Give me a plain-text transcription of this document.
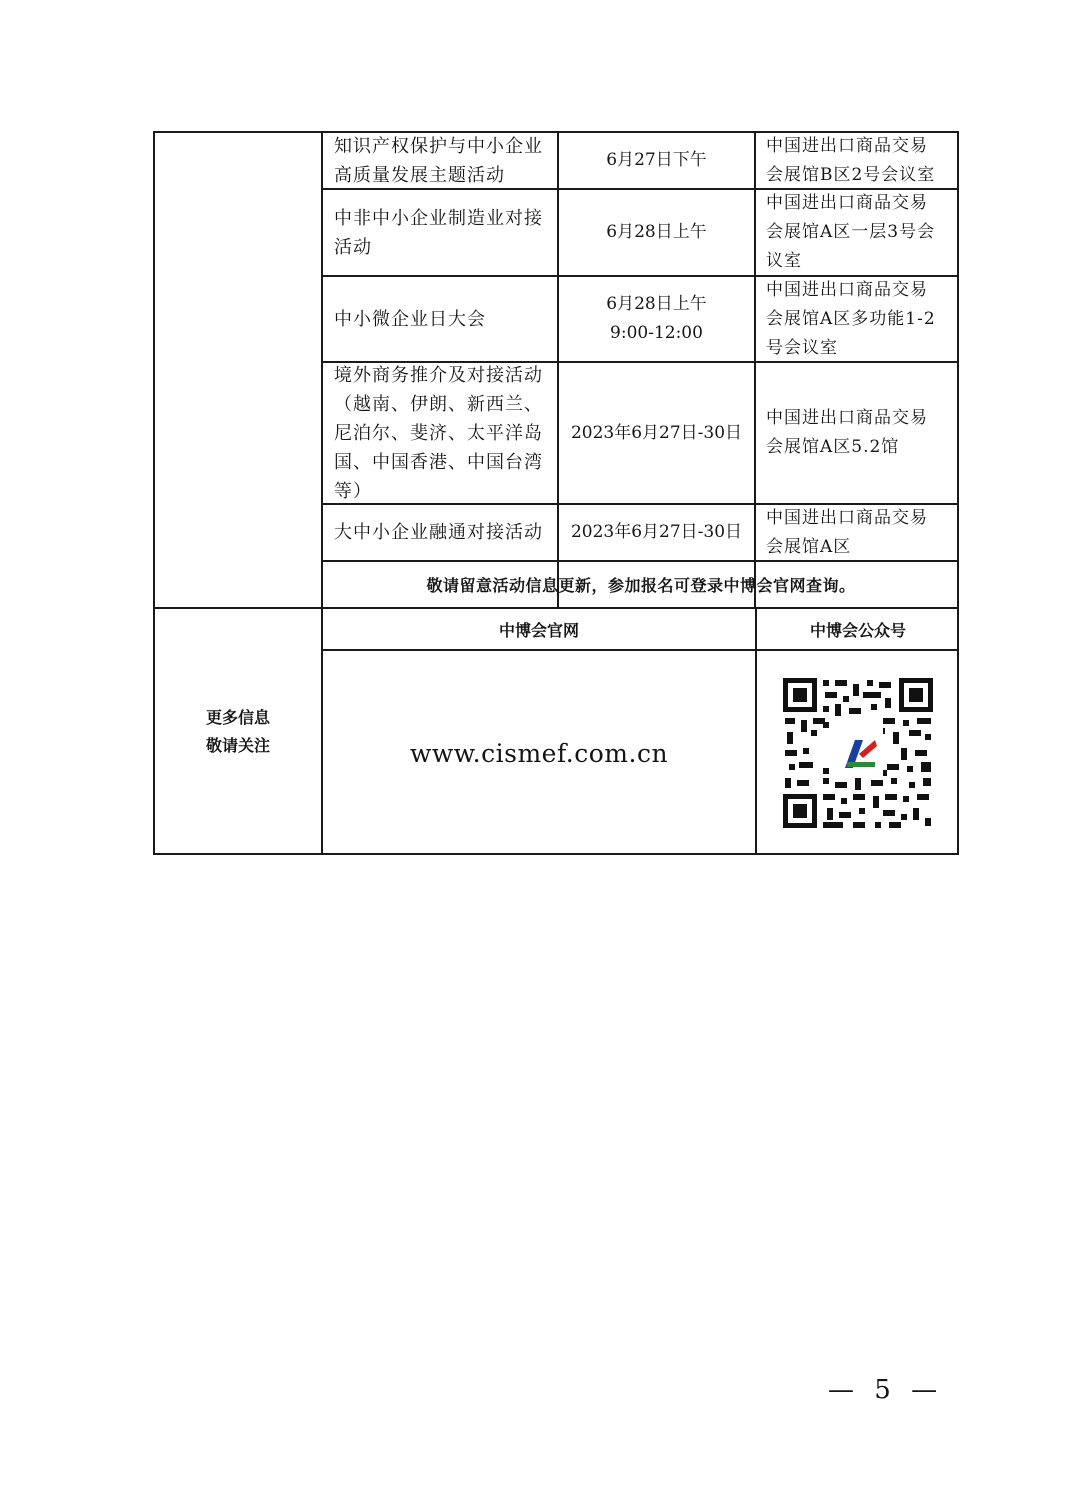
知识产权保护与中小企业
高质量发展主题活动
6月27日下午
中国进出口商品交易
会展馆B区2号会议室
中非中小企业制造业对接
活动
6月28日上午
中国进出口商品交易
会展馆A区一层3号会
议室
中小微企业日大会
6月28日上午
9:00-12:00
中国进出口商品交易
会展馆A区多功能1-2
号会议室
境外商务推介及对接活动
（越南、伊朗、新西兰、
尼泊尔、斐济、太平洋岛
国、中国香港、中国台湾
等）
2023年6月27日-30日
中国进出口商品交易
会展馆A区5.2馆
大中小企业融通对接活动 2023年6月27日-30日
中国进出口商品交易
会展馆A区
敬请留意活动信息更新，参加报名可登录中博会官网查询。
更多信息
敬请关注
中博会官网	中博会公众号
www.cismef.com.cn
— 5 —
